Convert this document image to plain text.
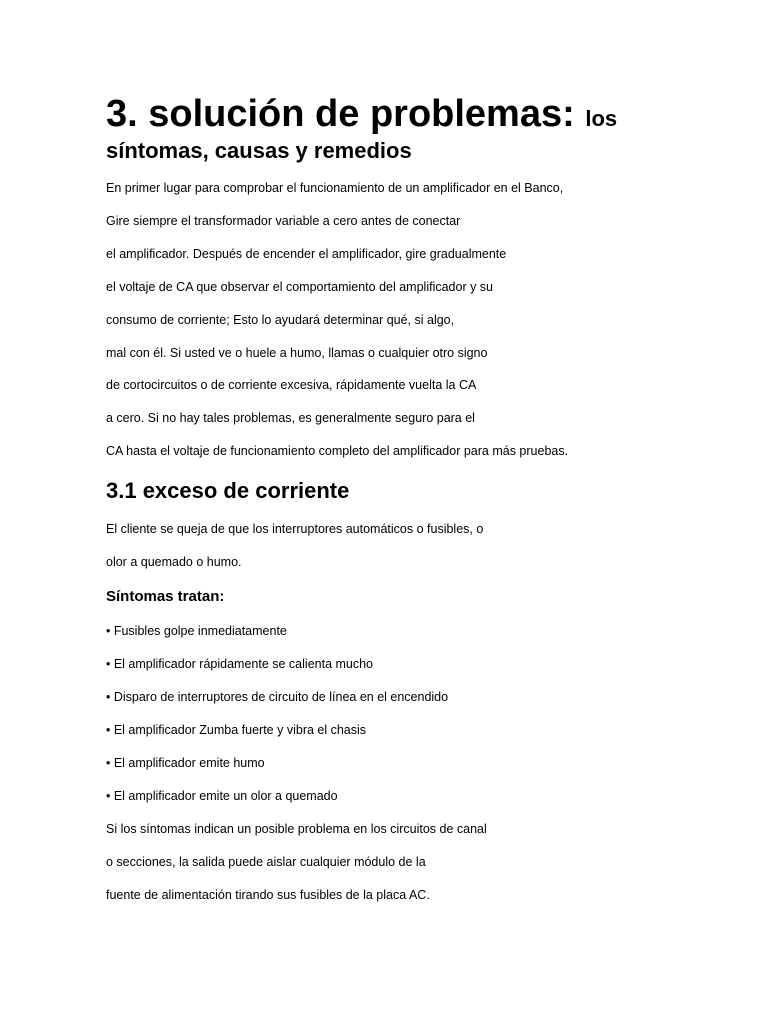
3. solución de problemas: los
síntomas, causas y remedios

En primer lugar para comprobar el funcionamiento de un amplificador en el Banco,

Gire siempre el transformador variable a cero antes de conectar

el amplificador. Después de encender el amplificador, gire gradualmente

el voltaje de CA que observar el comportamiento del amplificador y su

consumo de corriente; Esto lo ayudará determinar qué, si algo,

mal con él. Si usted ve o huele a humo, llamas o cualquier otro signo

de cortocircuitos o de corriente excesiva, rápidamente vuelta la CA

a cero. Si no hay tales problemas, es generalmente seguro para el

CA hasta el voltaje de funcionamiento completo del amplificador para más pruebas.

3.1 exceso de corriente

El cliente se queja de que los interruptores automáticos o fusibles, o

olor a quemado o humo.

Síntomas tratan:

• Fusibles golpe inmediatamente

• El amplificador rápidamente se calienta mucho

• Disparo de interruptores de circuito de línea en el encendido

• El amplificador Zumba fuerte y vibra el chasis

• El amplificador emite humo

• El amplificador emite un olor a quemado

Si los síntomas indican un posible problema en los circuitos de canal

o secciones, la salida puede aislar cualquier módulo de la

fuente de alimentación tirando sus fusibles de la placa AC.
